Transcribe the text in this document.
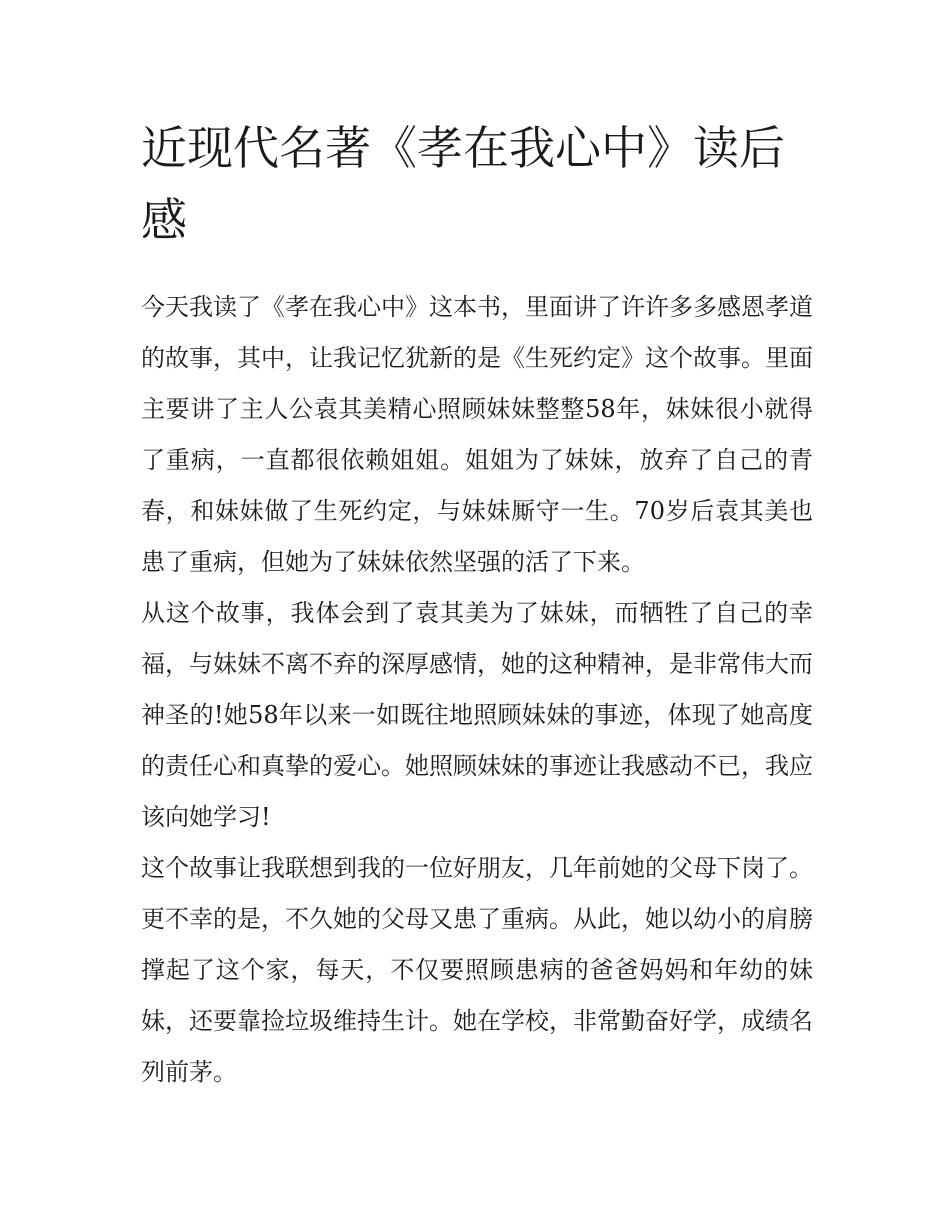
近现代名著《孝在我心中》读后感

今天我读了《孝在我心中》这本书，里面讲了许许多多感恩孝道的故事，其中，让我记忆犹新的是《生死约定》这个故事。里面主要讲了主人公袁其美精心照顾妹妹整整58年，妹妹很小就得了重病，一直都很依赖姐姐。姐姐为了妹妹，放弃了自己的青春，和妹妹做了生死约定，与妹妹厮守一生。70岁后袁其美也患了重病，但她为了妹妹依然坚强的活了下来。

从这个故事，我体会到了袁其美为了妹妹，而牺牲了自己的幸福，与妹妹不离不弃的深厚感情，她的这种精神，是非常伟大而神圣的!她58年以来一如既往地照顾妹妹的事迹，体现了她高度的责任心和真挚的爱心。她照顾妹妹的事迹让我感动不已，我应该向她学习!

这个故事让我联想到我的一位好朋友，几年前她的父母下岗了。更不幸的是，不久她的父母又患了重病。从此，她以幼小的肩膀撑起了这个家，每天，不仅要照顾患病的爸爸妈妈和年幼的妹妹，还要靠捡垃圾维持生计。她在学校，非常勤奋好学，成绩名列前茅。
